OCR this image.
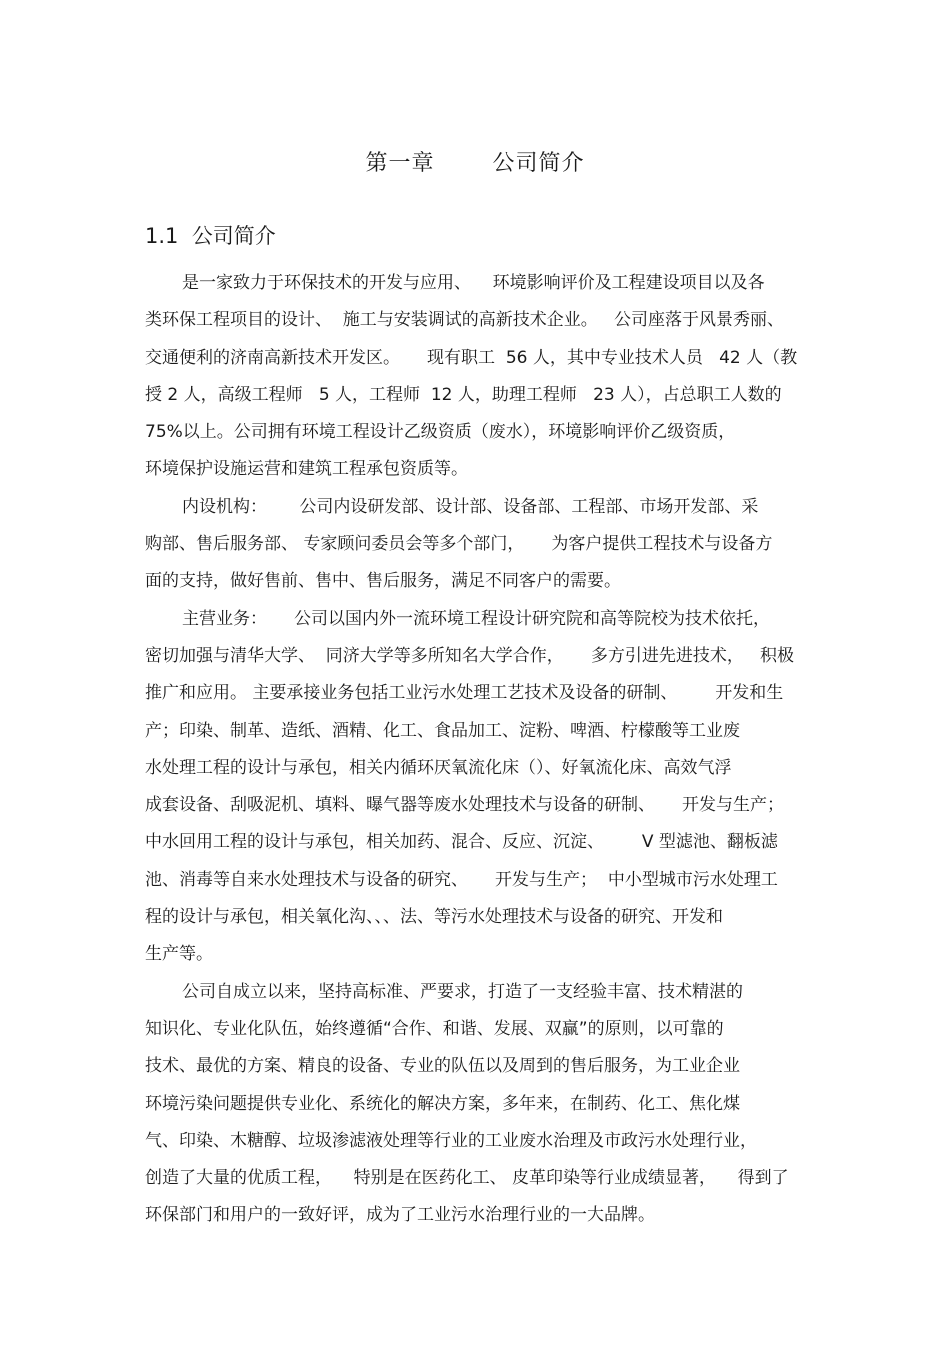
第一章	公司简介
1.1  公司简介
是一家致力于环保技术的开发与应用、    环境影响评价及工程建设项目以及各
类环保工程项目的设计、  施工与安装调试的高新技术企业。   公司座落于风景秀丽、
交通便利的济南高新技术开发区。     现有职工  56 人，其中专业技术人员   42 人（教
授 2 人，高级工程师   5 人，工程师  12 人，助理工程师   23 人），占总职工人数的
75%以上。公司拥有环境工程设计乙级资质（废水），环境影响评价乙级资质，
环境保护设施运营和建筑工程承包资质等。
内设机构：      公司内设研发部、设计部、设备部、工程部、市场开发部、采
购部、售后服务部、 专家顾问委员会等多个部门，     为客户提供工程技术与设备方
面的支持，做好售前、售中、售后服务，满足不同客户的需要。
主营业务：     公司以国内外一流环境工程设计研究院和高等院校为技术依托，
密切加强与清华大学、  同济大学等多所知名大学合作，     多方引进先进技术，   积极
推广和应用。 主要承接业务包括工业污水处理工艺技术及设备的研制、       开发和生
产；印染、制革、造纸、酒精、化工、食品加工、淀粉、啤酒、柠檬酸等工业废
水处理工程的设计与承包，相关内循环厌氧流化床（）、好氧流化床、高效气浮
成套设备、刮吸泥机、填料、曝气器等废水处理技术与设备的研制、     开发与生产；
中水回用工程的设计与承包，相关加药、混合、反应、沉淀、       V 型滤池、翻板滤
池、消毒等自来水处理技术与设备的研究、     开发与生产；  中小型城市污水处理工
程的设计与承包，相关氧化沟、、、法、等污水处理技术与设备的研究、开发和
生产等。
公司自成立以来，坚持高标准、严要求，打造了一支经验丰富、技术精湛的
知识化、专业化队伍，始终遵循“合作、和谐、发展、双赢”的原则，以可靠的
技术、最优的方案、精良的设备、专业的队伍以及周到的售后服务，为工业企业
环境污染问题提供专业化、系统化的解决方案，多年来，在制药、化工、焦化煤
气、印染、木糖醇、垃圾渗滤液处理等行业的工业废水治理及市政污水处理行业，
创造了大量的优质工程，    特别是在医药化工、 皮革印染等行业成绩显著，    得到了
环保部门和用户的一致好评，成为了工业污水治理行业的一大品牌。
